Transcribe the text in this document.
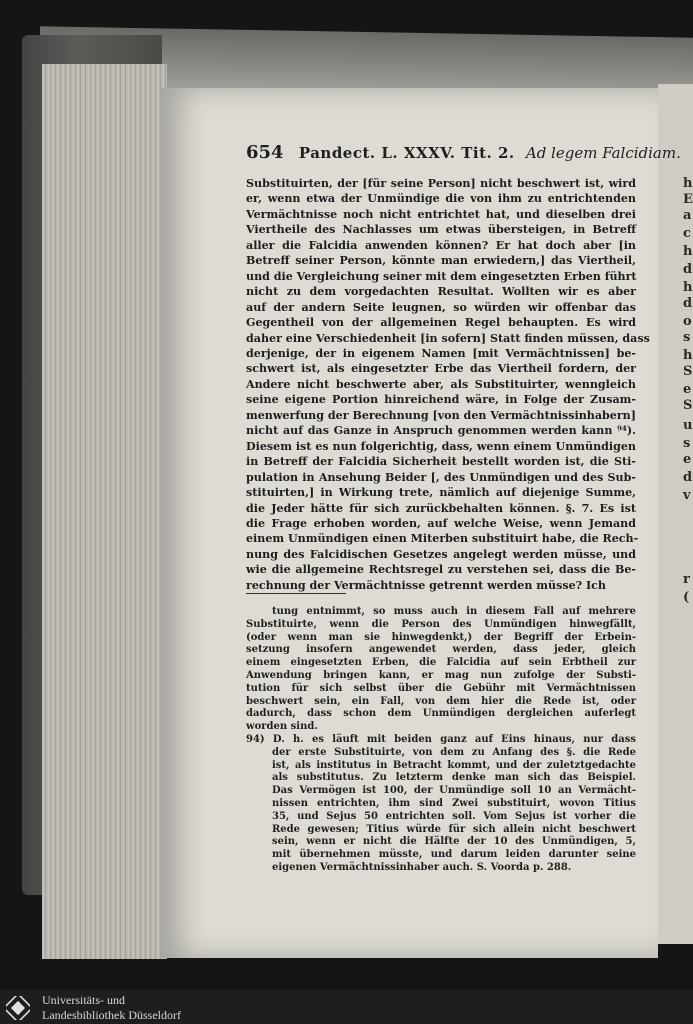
h
E
a
c
h
d
h
d
o
s
h
S
e
S
u
s
e
d
v
r
(
654 Pandect. L. XXXV. Tit. 2. Ad legem Falcidiam.
Substituirten, der [für seine Person] nicht beschwert ist, wird
er, wenn etwa der Unmündige die von ihm zu entrichtenden
Vermächtnisse noch nicht entrichtet hat, und dieselben drei
Viertheile des Nachlasses um etwas übersteigen, in Betreff
aller die Falcidia anwenden können? Er hat doch aber [in
Betreff seiner Person, könnte man erwiedern,] das Viertheil,
und die Vergleichung seiner mit dem eingesetzten Erben führt
nicht zu dem vorgedachten Resultat. Wollten wir es aber
auf der andern Seite leugnen, so würden wir offenbar das
Gegentheil von der allgemeinen Regel behaupten. Es wird
daher eine Verschiedenheit [in sofern] Statt finden müssen, dass
derjenige, der in eigenem Namen [mit Vermächtnissen] be-
schwert ist, als eingesetzter Erbe das Viertheil fordern, der
Andere nicht beschwerte aber, als Substituirter, wenngleich
seine eigene Portion hinreichend wäre, in Folge der Zusam-
menwerfung der Berechnung [von den Vermächtnissinhabern]
nicht auf das Ganze in Anspruch genommen werden kann ⁹⁴).
Diesem ist es nun folgerichtig, dass, wenn einem Unmündigen
in Betreff der Falcidia Sicherheit bestellt worden ist, die Sti-
pulation in Ansehung Beider [, des Unmündigen und des Sub-
stituirten,] in Wirkung trete, nämlich auf diejenige Summe,
die Jeder hätte für sich zurückbehalten können. §. 7. Es ist
die Frage erhoben worden, auf welche Weise, wenn Jemand
einem Unmündigen einen Miterben substituirt habe, die Rech-
nung des Falcidischen Gesetzes angelegt werden müsse, und
wie die allgemeine Rechtsregel zu verstehen sei, dass die Be-
rechnung der Vermächtnisse getrennt werden müsse? Ich
tung entnimmt, so muss auch in diesem Fall auf mehrere
Substituirte, wenn die Person des Unmündigen hinwegfällt,
(oder wenn man sie hinwegdenkt,) der Begriff der Erbein-
setzung insofern angewendet werden, dass jeder, gleich
einem eingesetzten Erben, die Falcidia auf sein Erbtheil zur
Anwendung bringen kann, er mag nun zufolge der Substi-
tution für sich selbst über die Gebühr mit Vermächtnissen
beschwert sein, ein Fall, von dem hier die Rede ist, oder
dadurch, dass schon dem Unmündigen dergleichen auferlegt
worden sind.
94) D. h. es läuft mit beiden ganz auf Eins hinaus, nur dass
der erste Substituirte, von dem zu Anfang des §. die Rede
ist, als institutus in Betracht kommt, und der zuletztgedachte
als substitutus. Zu letzterm denke man sich das Beispiel.
Das Vermögen ist 100, der Unmündige soll 10 an Vermächt-
nissen entrichten, ihm sind Zwei substituirt, wovon Titius
35, und Sejus 50 entrichten soll. Vom Sejus ist vorher die
Rede gewesen; Titius würde für sich allein nicht beschwert
sein, wenn er nicht die Hälfte der 10 des Unmündigen, 5,
mit übernehmen müsste, und darum leiden darunter seine
eigenen Vermächtnissinhaber auch. S. Voorda p. 288.
Universitäts- und
Landesbibliothek Düsseldorf
